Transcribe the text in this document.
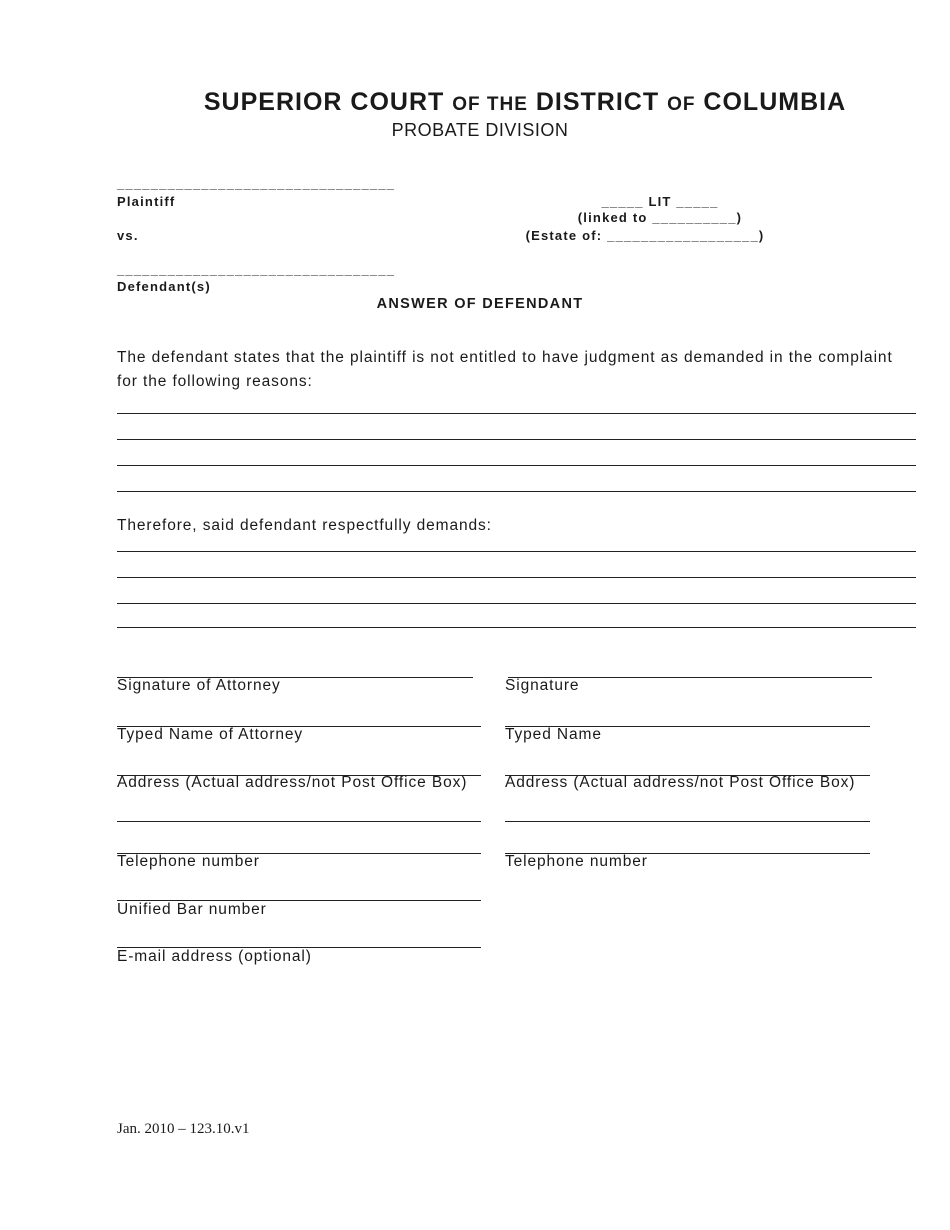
SUPERIOR COURT OF THE DISTRICT OF COLUMBIA
PROBATE DIVISION
_________________________________
Plaintiff
vs.
_________________________________
Defendant(s)
_____ LIT _____
(linked to __________)
(Estate of: __________________)
ANSWER OF DEFENDANT
The defendant states that the plaintiff is not entitled to have judgment as demanded in the complaint for the following reasons:
Therefore, said defendant respectfully demands:
Signature of Attorney
Typed Name of Attorney
Address (Actual address/not Post Office Box)
Telephone number
Unified Bar number
E-mail address (optional)
Signature
Typed Name
Address (Actual address/not Post Office Box)
Telephone number
Jan. 2010 – 123.10.v1
